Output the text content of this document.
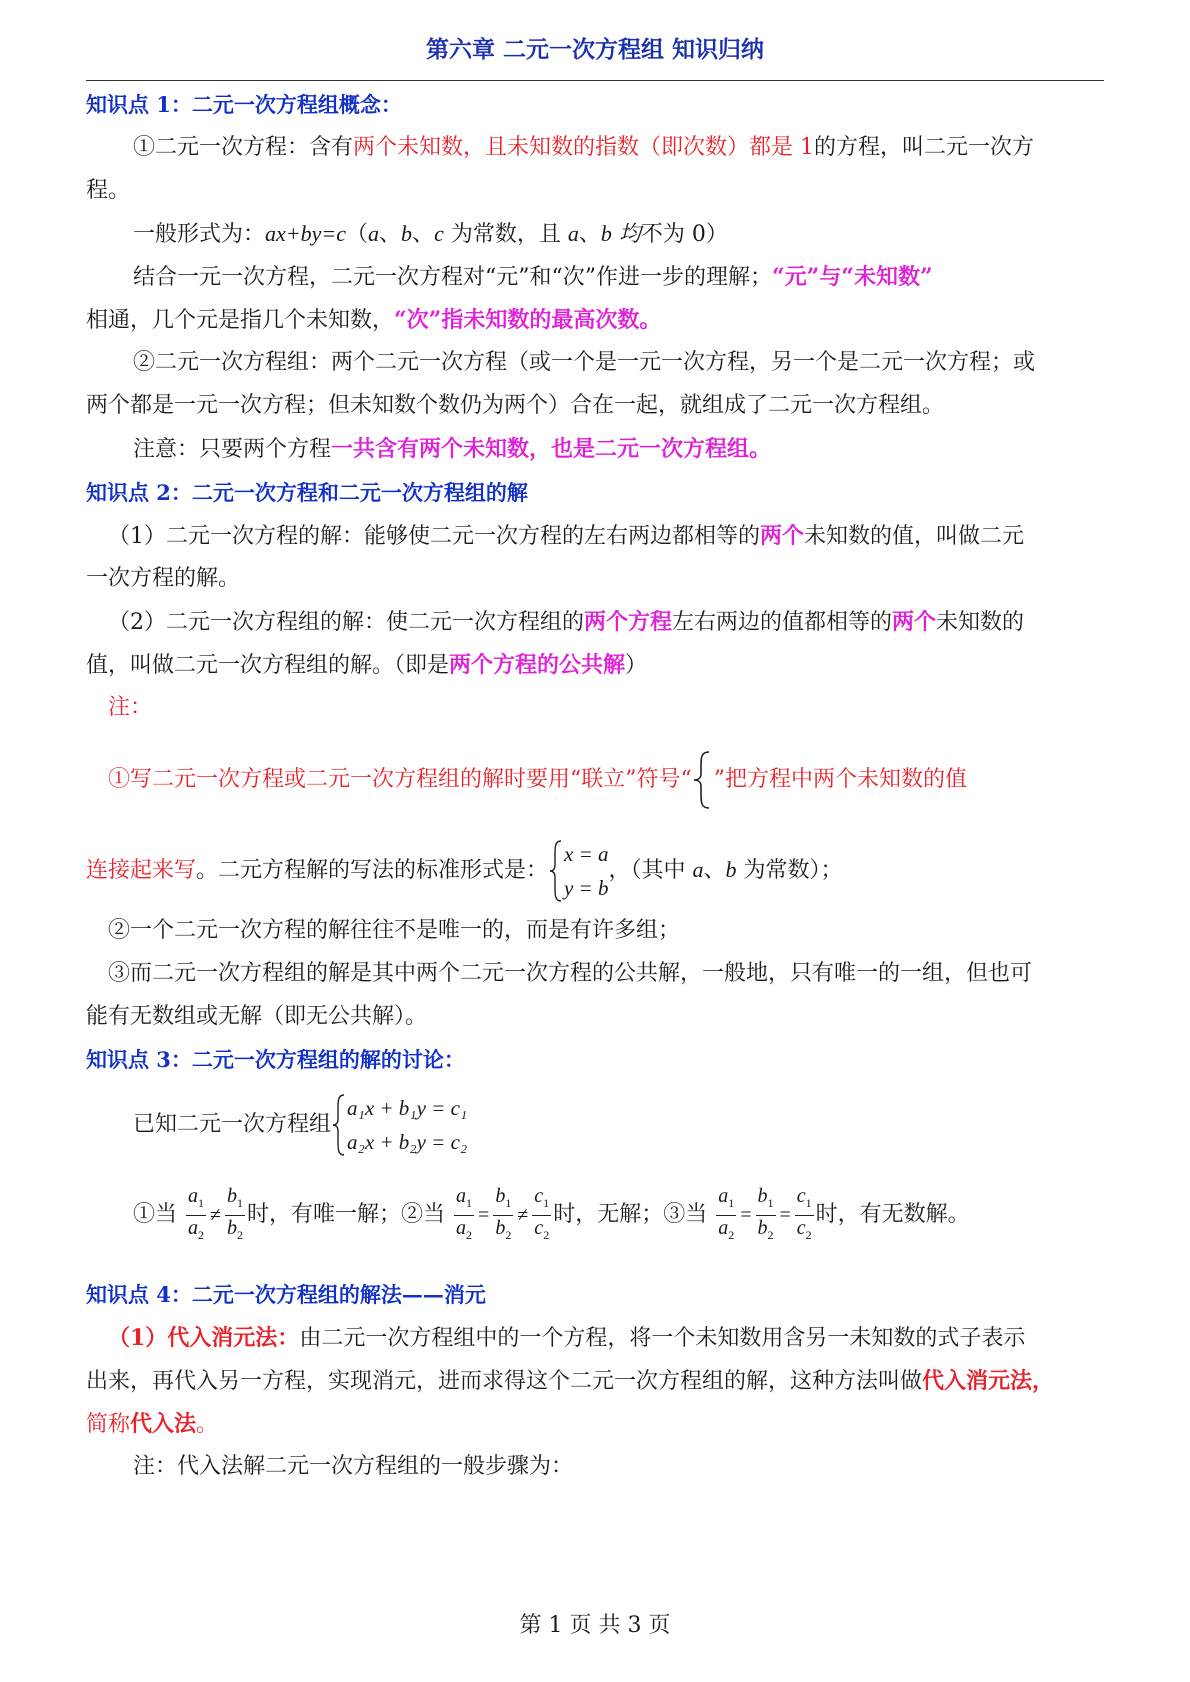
第六章 二元一次方程组 知识归纳
知识点 1：二元一次方程组概念：
①二元一次方程：含有两个未知数，且未知数的指数（即次数）都是 1的方程，叫二元一次方
程。
一般形式为：ax+by=c（a、b、c 为常数，且 a、b 均不为 0）
结合一元一次方程，二元一次方程对“元”和“次”作进一步的理解；“元”与“未知数”
相通，几个元是指几个未知数，“次”指未知数的最高次数。
②二元一次方程组：两个二元一次方程（或一个是一元一次方程，另一个是二元一次方程；或
两个都是一元一次方程；但未知数个数仍为两个）合在一起，就组成了二元一次方程组。
注意：只要两个方程一共含有两个未知数，也是二元一次方程组。
知识点 2：二元一次方程和二元一次方程组的解
（1）二元一次方程的解：能够使二元一次方程的左右两边都相等的两个未知数的值，叫做二元
一次方程的解。
（2）二元一次方程组的解：使二元一次方程组的两个方程左右两边的值都相等的两个未知数的
值，叫做二元一次方程组的解。（即是两个方程的公共解）
注：
①写二元一次方程或二元一次方程组的解时要用“联立”符号“ ”把方程中两个未知数的值
连接起来写。二元方程解的写法的标准形式是：
x = a
y = b
，（其中 a、b 为常数）；
②一个二元一次方程的解往往不是唯一的，而是有许多组；
③而二元一次方程组的解是其中两个二元一次方程的公共解，一般地，只有唯一的一组，但也可
能有无数组或无解（即无公共解）。
知识点 3：二元一次方程组的解的讨论：
已知二元一次方程组
a₁x + b₁y = c₁
a₂x + b₂y = c₂
①当 $\frac{a_1}{a_2} \ne \frac{b_1}{b_2}$ 时，有唯一解；②当 $\frac{a_1}{a_2} = \frac{b_1}{b_2} \ne \frac{c_1}{c_2}$ 时，无解；③当 $\frac{a_1}{a_2} = \frac{b_1}{b_2} = \frac{c_1}{c_2}$ 时，有无数解。
知识点 4：二元一次方程组的解法——消元
（1）代入消元法：由二元一次方程组中的一个方程，将一个未知数用含另一未知数的式子表示
出来，再代入另一方程，实现消元，进而求得这个二元一次方程组的解，这种方法叫做代入消元法，
简称代入法。
注：代入法解二元一次方程组的一般步骤为：
第 1 页 共 3 页
